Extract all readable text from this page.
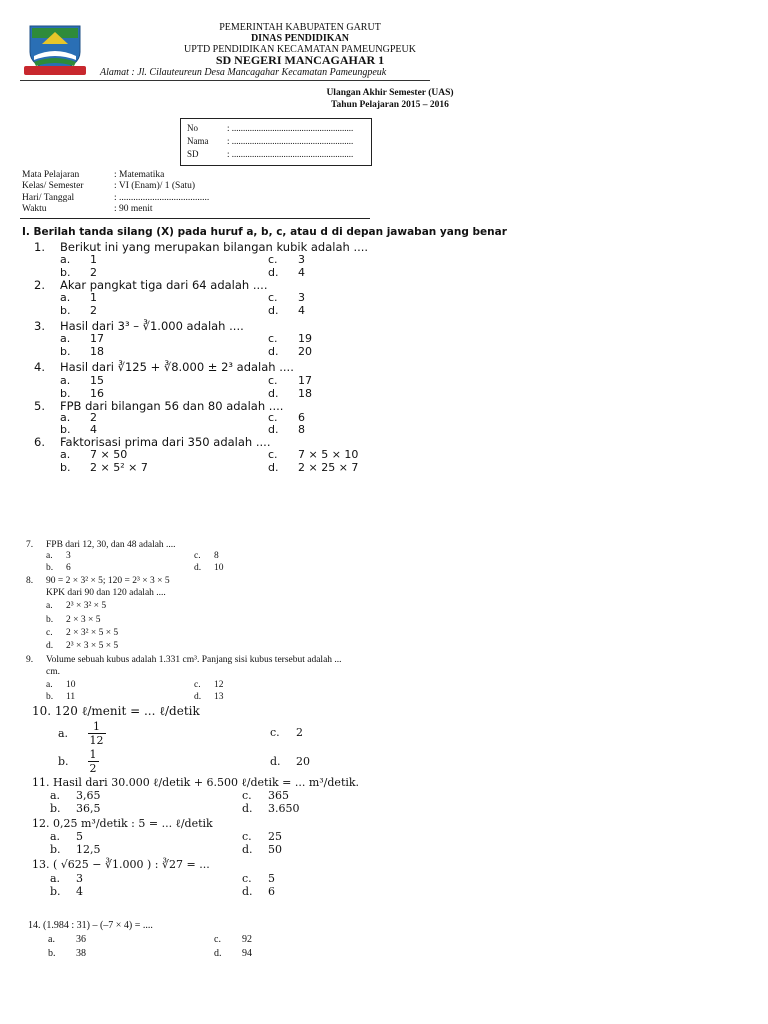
PEMERINTAH KABUPATEN GARUT
DINAS PENDIDIKAN
UPTD PENDIDIKAN KECAMATAN PAMEUNGPEUK
SD NEGERI MANCAGAHAR 1
Alamat : Jl. Cilauteureun Desa Mancagahar Kecamatan Pameungpeuk
Ulangan Akhir Semester (UAS)
Tahun Pelajaran 2015 – 2016
No	: ......................................................
Nama : ......................................................
SD	: ......................................................
Mata Pelajaran	: Matematika
Kelas/ Semester	: VI (Enam)/ 1 (Satu)
Hari/ Tanggal	: ......................................
Waktu	: 90 menit
I. Berilah tanda silang (X) pada huruf a, b, c, atau d di depan jawaban yang benar
1. Berikut ini yang merupakan bilangan kubik adalah ....
a. 1	c. 3
b. 2	d. 4
2. Akar pangkat tiga dari 64 adalah ....
a. 1	c. 3
b. 2	d. 4
3. Hasil dari 3³ – ∛1.000 adalah ....
a. 17	c. 19
b. 18	d. 20
4. Hasil dari ∛125 + ∛8.000 ± 2³ adalah ....
a. 15	c. 17
b. 16	d. 18
5. FPB dari bilangan 56 dan 80 adalah ....
a. 2	c. 6
b. 4	d. 8
6. Faktorisasi prima dari 350 adalah ....
a. 7 × 50	c. 7 × 5 × 10
b. 2 × 5² × 7	d. 2 × 25 × 7
7. FPB dari 12, 30, dan 48 adalah ....
a. 3	c. 8
b. 6	d. 10
8. 90 = 2 × 3² × 5; 120 = 2³ × 3 × 5
KPK dari 90 dan 120 adalah ....
a. 2³ × 3² × 5
b. 2 × 3 × 5
c. 2 × 3² × 5 × 5
d. 2³ × 3 × 5 × 5
9. Volume sebuah kubus adalah 1.331 cm³. Panjang sisi kubus tersebut adalah ...
cm.
a. 10	c. 12
b. 11	d. 13
10. 120 ℓ/menit = ... ℓ/detik
a. $\frac{1}{12}$	c. 2
b. $\frac{1}{2}$	d. 20
11. Hasil dari 30.000 ℓ/detik + 6.500 ℓ/detik = ... m³/detik.
a. 3,65	c. 365
b. 36,5	d. 3.650
12. 0,25 m³/detik : 5 = ... ℓ/detik
a. 5	c. 25
b. 12,5	d. 50
13. ( √625 − ∛1.000 ) : ∛27 = ...
a. 3	c. 5
b. 4	d. 6
14. (1.984 : 31) – (–7 × 4) = ....
a. 36	c. 92
b. 38	d. 94
